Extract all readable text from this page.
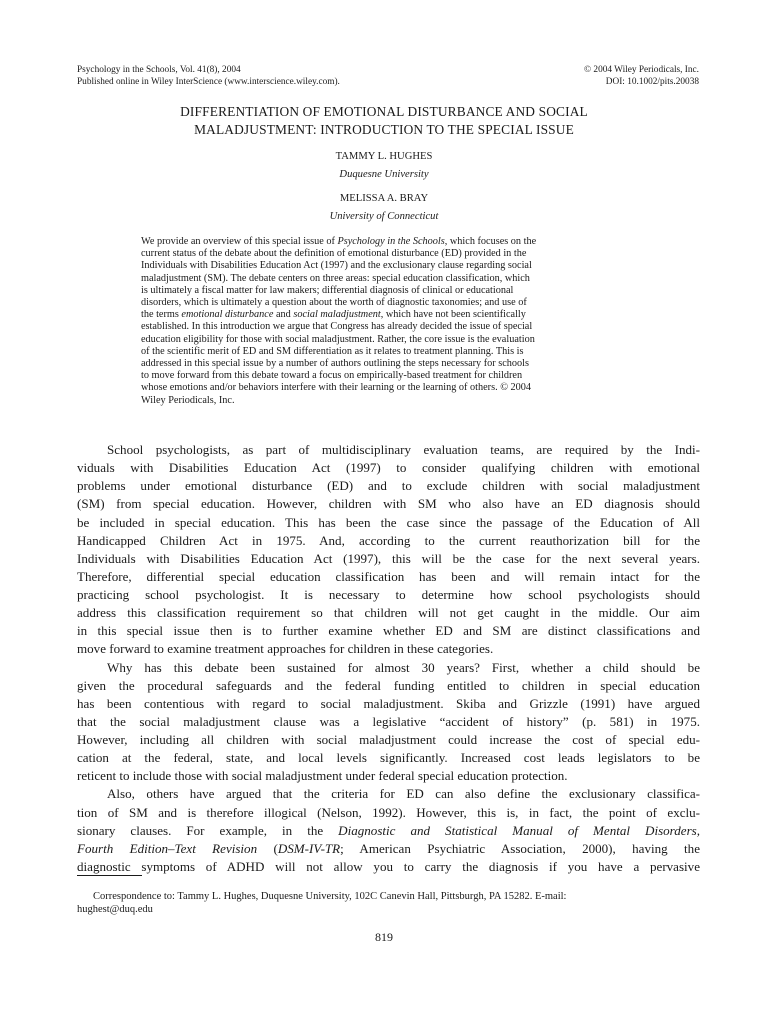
Psychology in the Schools, Vol. 41(8), 2004	© 2004 Wiley Periodicals, Inc.
Published online in Wiley InterScience (www.interscience.wiley.com).	DOI: 10.1002/pits.20038
DIFFERENTIATION OF EMOTIONAL DISTURBANCE AND SOCIAL
MALADJUSTMENT: INTRODUCTION TO THE SPECIAL ISSUE
TAMMY L. HUGHES
Duquesne University
MELISSA A. BRAY
University of Connecticut
We provide an overview of this special issue of Psychology in the Schools, which focuses on the
current status of the debate about the definition of emotional disturbance (ED) provided in the
Individuals with Disabilities Education Act (1997) and the exclusionary clause regarding social
maladjustment (SM). The debate centers on three areas: special education classification, which
is ultimately a fiscal matter for law makers; differential diagnosis of clinical or educational
disorders, which is ultimately a question about the worth of diagnostic taxonomies; and use of
the terms emotional disturbance and social maladjustment, which have not been scientifically
established. In this introduction we argue that Congress has already decided the issue of special
education eligibility for those with social maladjustment. Rather, the core issue is the evaluation
of the scientific merit of ED and SM differentiation as it relates to treatment planning. This is
addressed in this special issue by a number of authors outlining the steps necessary for schools
to move forward from this debate toward a focus on empirically-based treatment for children
whose emotions and/or behaviors interfere with their learning or the learning of others. © 2004
Wiley Periodicals, Inc.
School psychologists, as part of multidisciplinary evaluation teams, are required by the Indi-
viduals with Disabilities Education Act (1997) to consider qualifying children with emotional
problems under emotional disturbance (ED) and to exclude children with social maladjustment
(SM) from special education. However, children with SM who also have an ED diagnosis should
be included in special education. This has been the case since the passage of the Education of All
Handicapped Children Act in 1975. And, according to the current reauthorization bill for the
Individuals with Disabilities Education Act (1997), this will be the case for the next several years.
Therefore, differential special education classification has been and will remain intact for the
practicing school psychologist. It is necessary to determine how school psychologists should
address this classification requirement so that children will not get caught in the middle. Our aim
in this special issue then is to further examine whether ED and SM are distinct classifications and
move forward to examine treatment approaches for children in these categories.
Why has this debate been sustained for almost 30 years? First, whether a child should be
given the procedural safeguards and the federal funding entitled to children in special education
has been contentious with regard to social maladjustment. Skiba and Grizzle (1991) have argued
that the social maladjustment clause was a legislative “accident of history” (p. 581) in 1975.
However, including all children with social maladjustment could increase the cost of special edu-
cation at the federal, state, and local levels significantly. Increased cost leads legislators to be
reticent to include those with social maladjustment under federal special education protection.
Also, others have argued that the criteria for ED can also define the exclusionary classifica-
tion of SM and is therefore illogical (Nelson, 1992). However, this is, in fact, the point of exclu-
sionary clauses. For example, in the Diagnostic and Statistical Manual of Mental Disorders,
Fourth Edition–Text Revision (DSM-IV-TR; American Psychiatric Association, 2000), having the
diagnostic symptoms of ADHD will not allow you to carry the diagnosis if you have a pervasive
Correspondence to: Tammy L. Hughes, Duquesne University, 102C Canevin Hall, Pittsburgh, PA 15282. E-mail:
hughest@duq.edu
819
